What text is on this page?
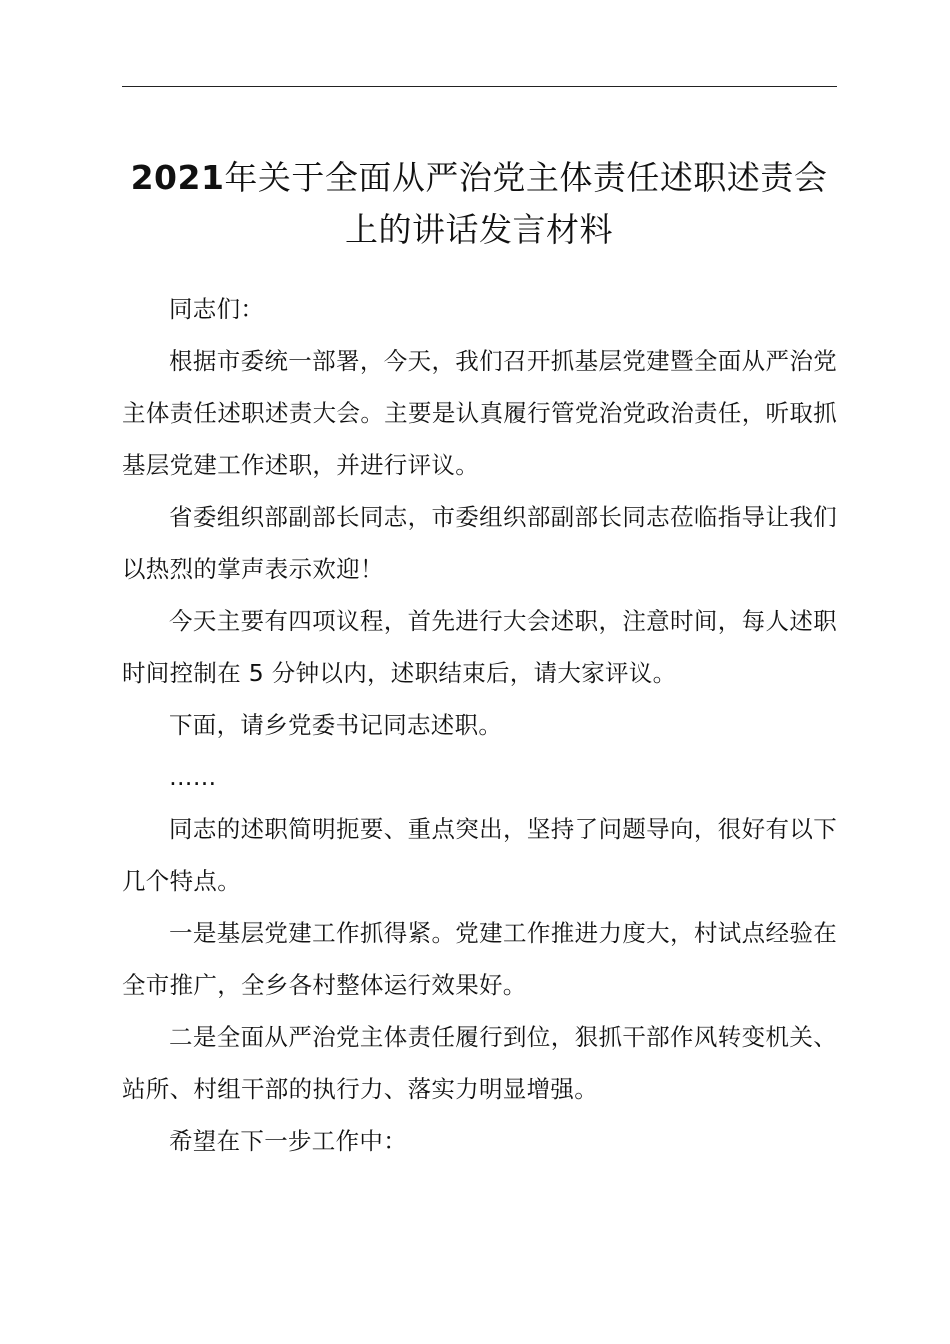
2021年关于全面从严治党主体责任述职述责会上的讲话发言材料

同志们：

根据市委统一部署，今天，我们召开抓基层党建暨全面从严治党主体责任述职述责大会。主要是认真履行管党治党政治责任，听取抓基层党建工作述职，并进行评议。

省委组织部副部长同志，市委组织部副部长同志莅临指导让我们以热烈的掌声表示欢迎！

今天主要有四项议程，首先进行大会述职，注意时间，每人述职时间控制在 5 分钟以内，述职结束后，请大家评议。

下面，请乡党委书记同志述职。

……

同志的述职简明扼要、重点突出，坚持了问题导向，很好有以下几个特点。

一是基层党建工作抓得紧。党建工作推进力度大，村试点经验在全市推广，全乡各村整体运行效果好。

二是全面从严治党主体责任履行到位，狠抓干部作风转变机关、站所、村组干部的执行力、落实力明显增强。

希望在下一步工作中：
